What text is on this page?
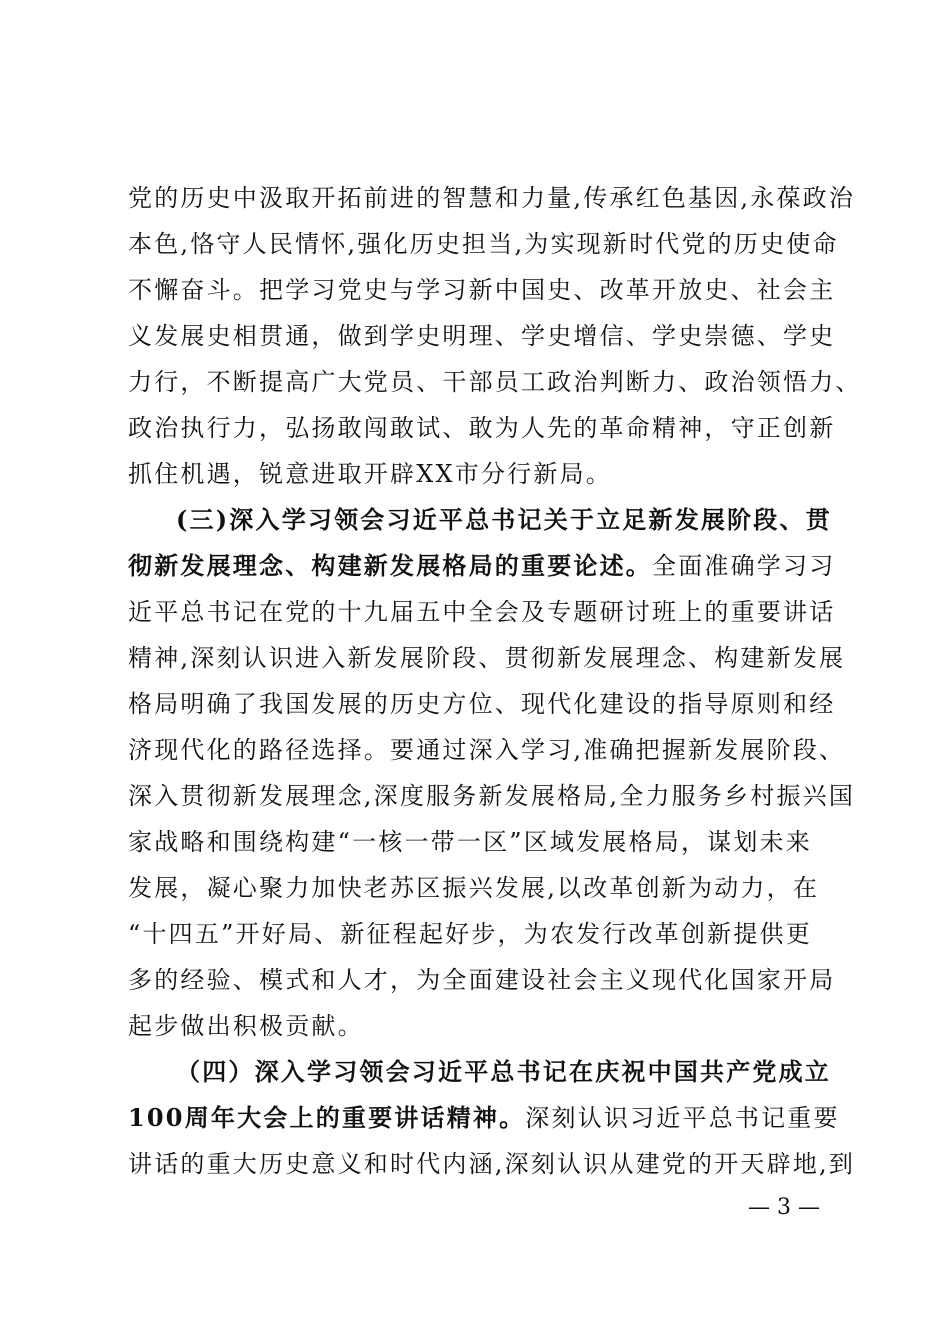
党的历史中汲取开拓前进的智慧和力量,传承红色基因,永葆政治
本色,恪守人民情怀,强化历史担当,为实现新时代党的历史使命
不懈奋斗。把学习党史与学习新中国史、改革开放史、社会主
义发展史相贯通，做到学史明理、学史增信、学史崇德、学史
力行，不断提高广大党员、干部员工政治判断力、政治领悟力、
政治执行力，弘扬敢闯敢试、敢为人先的革命精神，守正创新
抓住机遇，锐意进取开辟XX市分行新局。
(三)深入学习领会习近平总书记关于立足新发展阶段、贯
彻新发展理念、构建新发展格局的重要论述。全面准确学习习
近平总书记在党的十九届五中全会及专题研讨班上的重要讲话
精神,深刻认识进入新发展阶段、贯彻新发展理念、构建新发展
格局明确了我国发展的历史方位、现代化建设的指导原则和经
济现代化的路径选择。要通过深入学习,准确把握新发展阶段、
深入贯彻新发展理念,深度服务新发展格局,全力服务乡村振兴国
家战略和围绕构建“一核一带一区”区域发展格局，谋划未来
发展，凝心聚力加快老苏区振兴发展,以改革创新为动力，在
“十四五”开好局、新征程起好步，为农发行改革创新提供更
多的经验、模式和人才，为全面建设社会主义现代化国家开局
起步做出积极贡献。
（四）深入学习领会习近平总书记在庆祝中国共产党成立
100周年大会上的重要讲话精神。深刻认识习近平总书记重要
讲话的重大历史意义和时代内涵,深刻认识从建党的开天辟地,到
— 3 —
